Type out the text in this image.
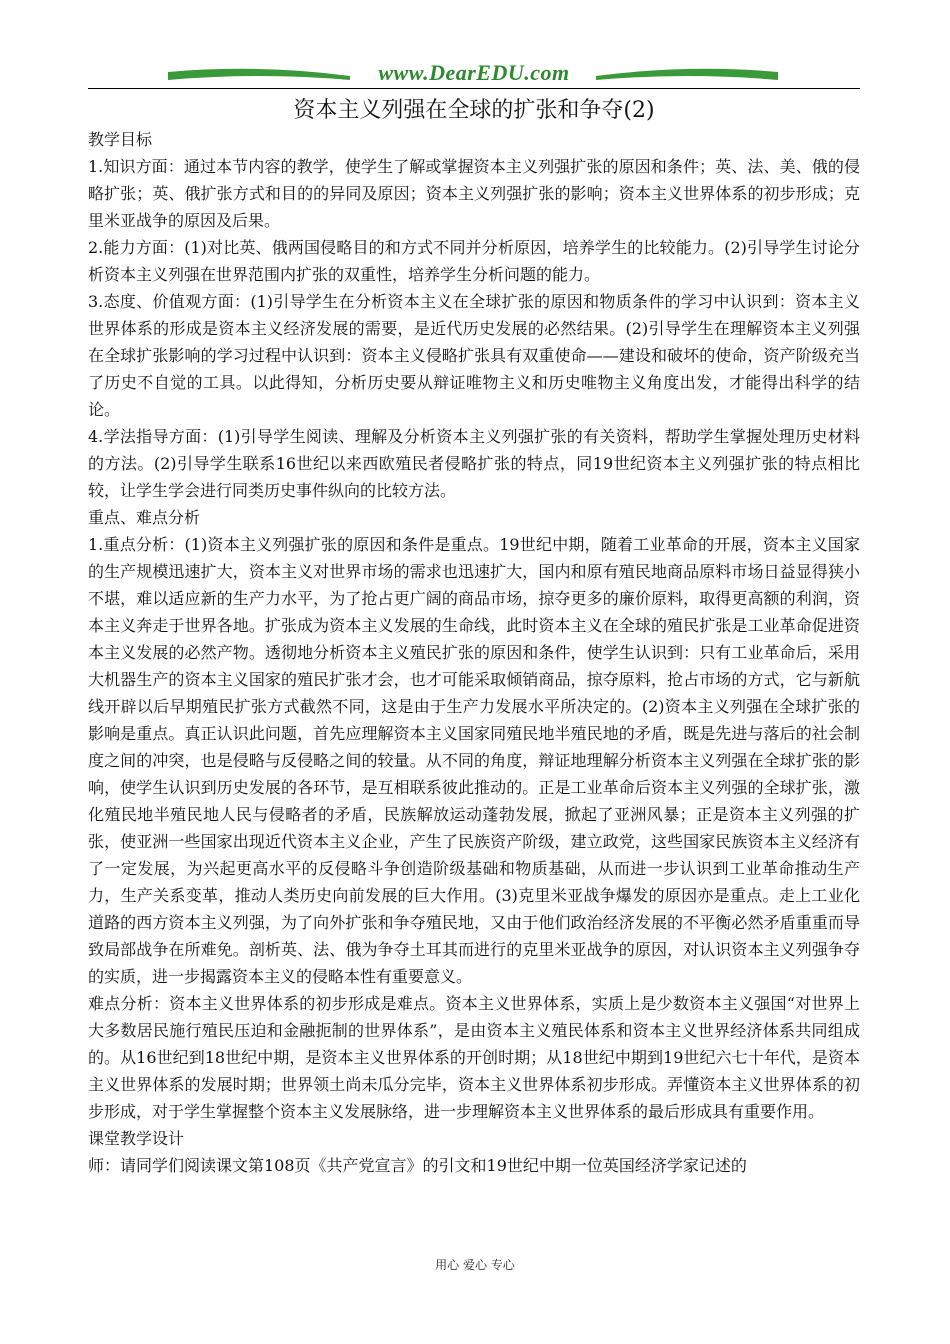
www.DearEDU.com
资本主义列强在全球的扩张和争夺(2)

教学目标

1.知识方面：通过本节内容的教学，使学生了解或掌握资本主义列强扩张的原因和条件；英、法、美、俄的侵略扩张；英、俄扩张方式和目的的异同及原因；资本主义列强扩张的影响；资本主义世界体系的初步形成；克里米亚战争的原因及后果。

2.能力方面：(1)对比英、俄两国侵略目的和方式不同并分析原因，培养学生的比较能力。(2)引导学生讨论分析资本主义列强在世界范围内扩张的双重性，培养学生分析问题的能力。

3.态度、价值观方面：(1)引导学生在分析资本主义在全球扩张的原因和物质条件的学习中认识到：资本主义世界体系的形成是资本主义经济发展的需要，是近代历史发展的必然结果。(2)引导学生在理解资本主义列强在全球扩张影响的学习过程中认识到：资本主义侵略扩张具有双重使命——建设和破坏的使命，资产阶级充当了历史不自觉的工具。以此得知，分析历史要从辩证唯物主义和历史唯物主义角度出发，才能得出科学的结论。

4.学法指导方面：(1)引导学生阅读、理解及分析资本主义列强扩张的有关资料，帮助学生掌握处理历史材料的方法。(2)引导学生联系16世纪以来西欧殖民者侵略扩张的特点，同19世纪资本主义列强扩张的特点相比较，让学生学会进行同类历史事件纵向的比较方法。

重点、难点分析

1.重点分析：(1)资本主义列强扩张的原因和条件是重点。19世纪中期，随着工业革命的开展，资本主义国家的生产规模迅速扩大，资本主义对世界市场的需求也迅速扩大，国内和原有殖民地商品原料市场日益显得狭小不堪，难以适应新的生产力水平，为了抢占更广阔的商品市场，掠夺更多的廉价原料，取得更高额的利润，资本主义奔走于世界各地。扩张成为资本主义发展的生命线，此时资本主义在全球的殖民扩张是工业革命促进资本主义发展的必然产物。透彻地分析资本主义殖民扩张的原因和条件，使学生认识到：只有工业革命后，采用大机器生产的资本主义国家的殖民扩张才会，也才可能采取倾销商品，掠夺原料，抢占市场的方式，它与新航线开辟以后早期殖民扩张方式截然不同，这是由于生产力发展水平所决定的。(2)资本主义列强在全球扩张的影响是重点。真正认识此问题，首先应理解资本主义国家同殖民地半殖民地的矛盾，既是先进与落后的社会制度之间的冲突，也是侵略与反侵略之间的较量。从不同的角度，辩证地理解分析资本主义列强在全球扩张的影响，使学生认识到历史发展的各环节，是互相联系彼此推动的。正是工业革命后资本主义列强的全球扩张，激化殖民地半殖民地人民与侵略者的矛盾，民族解放运动蓬勃发展，掀起了亚洲风暴；正是资本主义列强的扩张，使亚洲一些国家出现近代资本主义企业，产生了民族资产阶级，建立政党，这些国家民族资本主义经济有了一定发展，为兴起更高水平的反侵略斗争创造阶级基础和物质基础，从而进一步认识到工业革命推动生产力，生产关系变革，推动人类历史向前发展的巨大作用。(3)克里米亚战争爆发的原因亦是重点。走上工业化道路的西方资本主义列强，为了向外扩张和争夺殖民地，又由于他们政治经济发展的不平衡必然矛盾重重而导致局部战争在所难免。剖析英、法、俄为争夺土耳其而进行的克里米亚战争的原因，对认识资本主义列强争夺的实质，进一步揭露资本主义的侵略本性有重要意义。

难点分析：资本主义世界体系的初步形成是难点。资本主义世界体系，实质上是少数资本主义强国“对世界上大多数居民施行殖民压迫和金融扼制的世界体系”，是由资本主义殖民体系和资本主义世界经济体系共同组成的。从16世纪到18世纪中期，是资本主义世界体系的开创时期；从18世纪中期到19世纪六七十年代，是资本主义世界体系的发展时期；世界领土尚未瓜分完毕，资本主义世界体系初步形成。弄懂资本主义世界体系的初步形成，对于学生掌握整个资本主义发展脉络，进一步理解资本主义世界体系的最后形成具有重要作用。

课堂教学设计

师：请同学们阅读课文第108页《共产党宣言》的引文和19世纪中期一位英国经济学家记述的

用心 爱心 专心
